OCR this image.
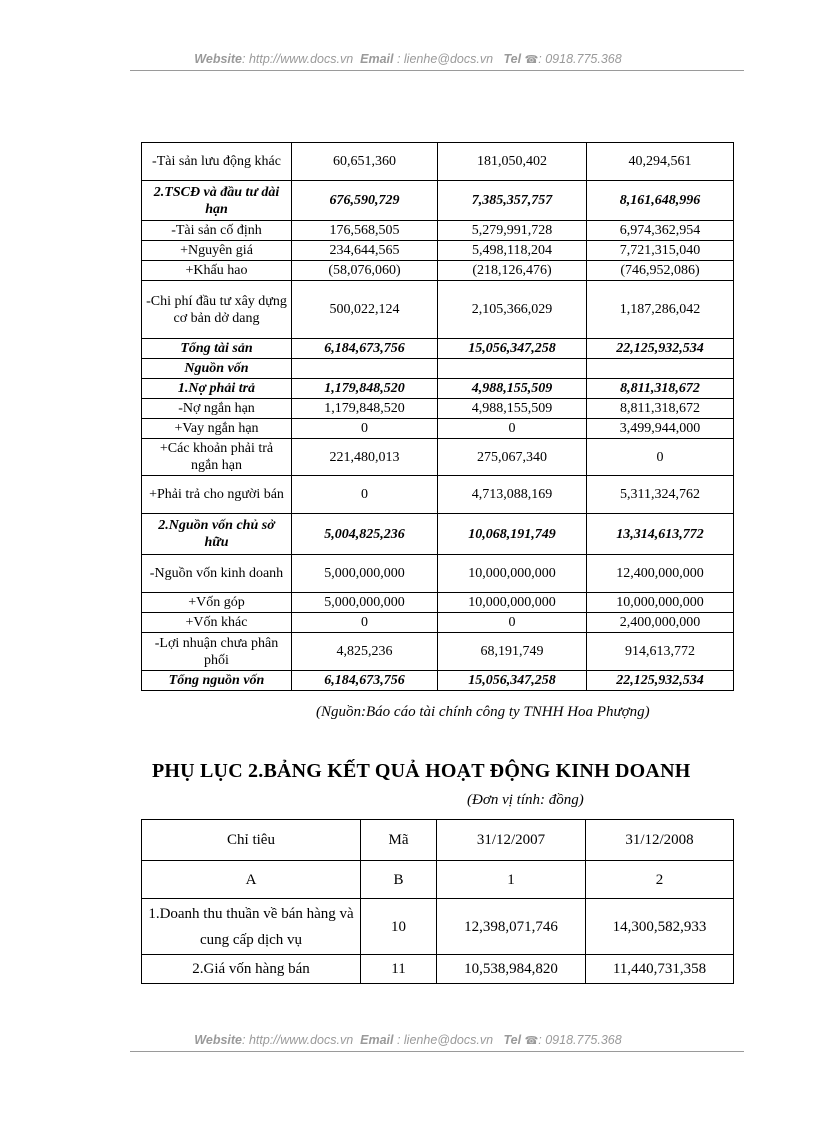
Website: http://www.docs.vn Email : lienhe@docs.vn Tel ☎: 0918.775.368
-Tài sản lưu động khác	60,651,360	181,050,402	40,294,561
2.TSCĐ và đầu tư dài hạn	676,590,729	7,385,357,757	8,161,648,996
-Tài sản cố định	176,568,505	5,279,991,728	6,974,362,954
+Nguyên giá	234,644,565	5,498,118,204	7,721,315,040
+Khấu hao	(58,076,060)	(218,126,476)	(746,952,086)
-Chi phí đầu tư xây dựng cơ bản dở dang	500,022,124	2,105,366,029	1,187,286,042
Tổng tài sản	6,184,673,756	15,056,347,258	22,125,932,534
Nguồn vốn			
1.Nợ phải trả	1,179,848,520	4,988,155,509	8,811,318,672
-Nợ ngắn hạn	1,179,848,520	4,988,155,509	8,811,318,672
+Vay ngắn hạn	0	0	3,499,944,000
+Các khoản phải trả ngắn hạn	221,480,013	275,067,340	0
+Phải trả cho người bán	0	4,713,088,169	5,311,324,762
2.Nguồn vốn chủ sở hữu	5,004,825,236	10,068,191,749	13,314,613,772
-Nguồn vốn kinh doanh	5,000,000,000	10,000,000,000	12,400,000,000
+Vốn góp	5,000,000,000	10,000,000,000	10,000,000,000
+Vốn khác	0	0	2,400,000,000
-Lợi nhuận chưa phân phối	4,825,236	68,191,749	914,613,772
Tổng nguồn vốn	6,184,673,756	15,056,347,258	22,125,932,534
(Nguồn:Báo cáo tài chính công ty TNHH Hoa Phượng)
PHỤ LỤC 2.BẢNG KẾT QUẢ HOẠT ĐỘNG KINH DOANH
(Đơn vị tính: đồng)
Chỉ tiêu	Mã	31/12/2007	31/12/2008
A	B	1	2
1.Doanh thu thuần về bán hàng và cung cấp dịch vụ	10	12,398,071,746	14,300,582,933
2.Giá vốn hàng bán	11	10,538,984,820	11,440,731,358
Website: http://www.docs.vn Email : lienhe@docs.vn Tel ☎: 0918.775.368
